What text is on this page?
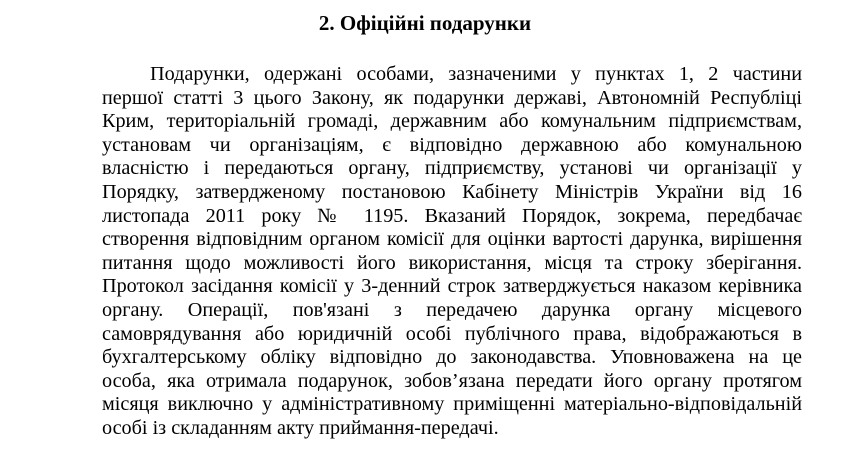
2. Офіційні подарунки
Подарунки, одержані особами, зазначеними у пунктах 1, 2 частини
першої статті 3 цього Закону, як подарунки державі, Автономній Республіці
Крим, територіальній громаді, державним або комунальним підприємствам,
установам чи організаціям, є відповідно державною або комунальною
власністю і передаються органу, підприємству, установі чи організації у
Порядку, затвердженому постановою Кабінету Міністрів України від 16
листопада 2011 року № 1195. Вказаний Порядок, зокрема, передбачає
створення відповідним органом комісії для оцінки вартості дарунка, вирішення
питання щодо можливості його використання, місця та строку зберігання.
Протокол засідання комісії у 3-денний строк затверджується наказом керівника
органу. Операції, пов'язані з передачею дарунка органу місцевого
самоврядування або юридичній особі публічного права, відображаються в
бухгалтерському обліку відповідно до законодавства. Уповноважена на це
особа, яка отримала подарунок, зобов’язана передати його органу протягом
місяця виключно у адміністративному приміщенні матеріально-відповідальній
особі із складанням акту приймання-передачі.
